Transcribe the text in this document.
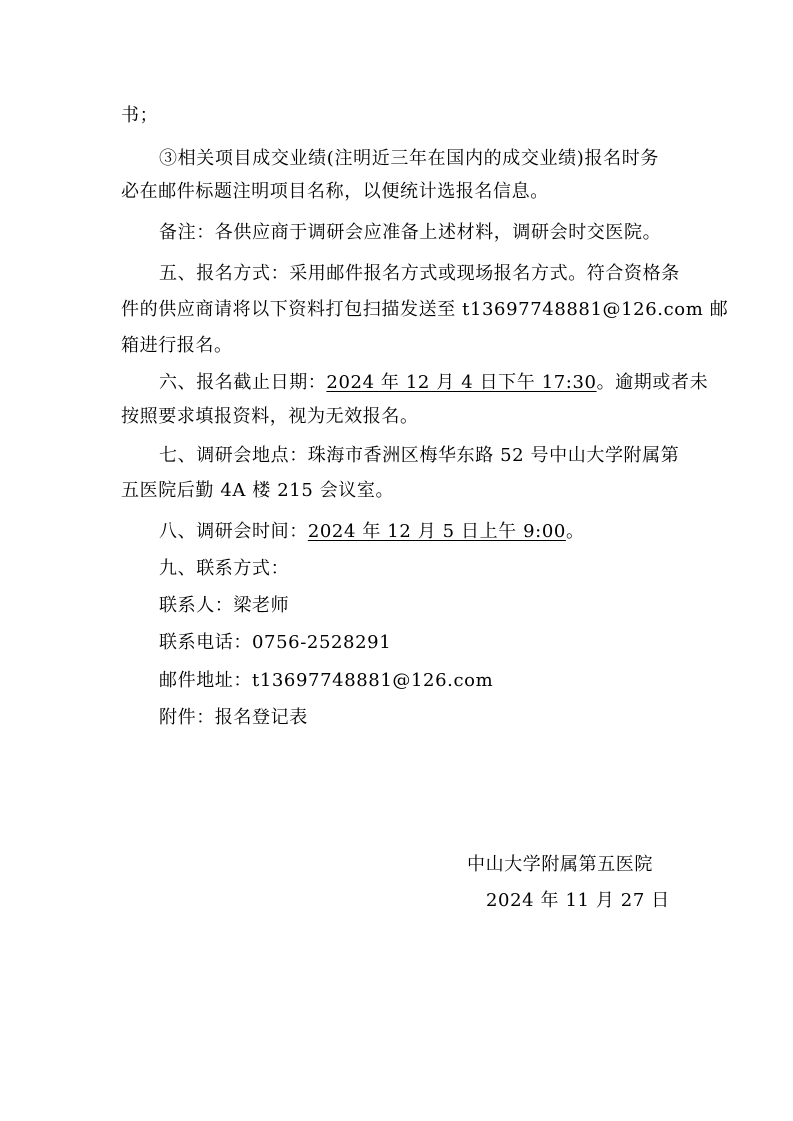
书；
③相关项目成交业绩(注明近三年在国内的成交业绩)报名时务
必在邮件标题注明项目名称，以便统计选报名信息。
备注：各供应商于调研会应准备上述材料，调研会时交医院。
五、报名方式：采用邮件报名方式或现场报名方式。符合资格条
件的供应商请将以下资料打包扫描发送至 t13697748881@126.com 邮
箱进行报名。
六、报名截止日期：2024 年 12 月 4 日下午 17:30。逾期或者未
按照要求填报资料，视为无效报名。
七、调研会地点：珠海市香洲区梅华东路 52 号中山大学附属第
五医院后勤 4A 楼 215 会议室。
八、调研会时间：2024 年 12 月 5 日上午 9:00。
九、联系方式：
联系人：梁老师
联系电话：0756-2528291
邮件地址：t13697748881@126.com
附件：报名登记表
中山大学附属第五医院
2024 年 11 月 27 日
